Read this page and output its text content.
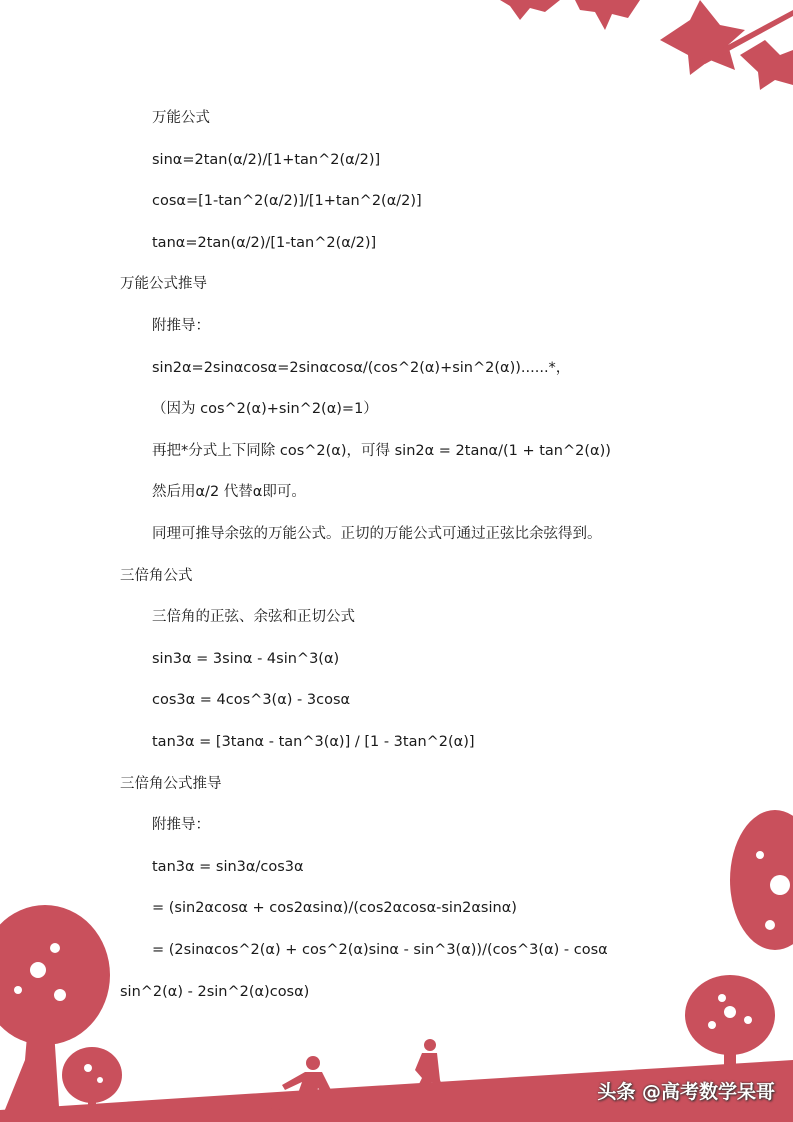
万能公式
sinα=2tan(α/2)/[1+tan^2(α/2)]
cosα=[1-tan^2(α/2)]/[1+tan^2(α/2)]
tanα=2tan(α/2)/[1-tan^2(α/2)]
万能公式推导
附推导：
sin2α=2sinαcosα=2sinαcosα/(cos^2(α)+sin^2(α))......*，
（因为 cos^2(α)+sin^2(α)=1）
再把*分式上下同除 cos^2(α)，可得 sin2α = 2tanα/(1 + tan^2(α))
然后用α/2 代替α即可。
同理可推导余弦的万能公式。正切的万能公式可通过正弦比余弦得到。
三倍角公式
三倍角的正弦、余弦和正切公式
sin3α = 3sinα - 4sin^3(α)
cos3α = 4cos^3(α) - 3cosα
tan3α = [3tanα - tan^3(α)] / [1 - 3tan^2(α)]
三倍角公式推导
附推导：
tan3α = sin3α/cos3α
= (sin2αcosα + cos2αsinα)/(cos2αcosα-sin2αsinα)
= (2sinαcos^2(α) + cos^2(α)sinα - sin^3(α))/(cos^3(α) - cosα
sin^2(α) - 2sin^2(α)cosα)
头条 @高考数学呆哥
